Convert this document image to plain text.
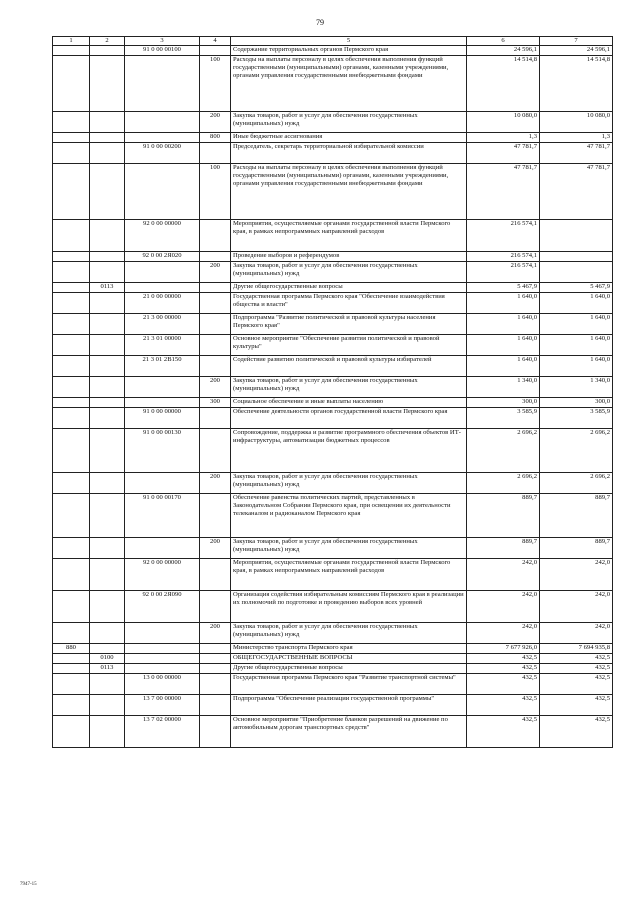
79
1	2	3	4	5	6	7
		91 0 00 00100		Содержание территориальных органов Пермского края	24 596,1	24 596,1
			100	Расходы на выплаты персоналу в целях обеспечения выполнения функций государственными (муниципальными) органами, казенными учреждениями, органами управления государственными внебюджетными фондами	14 514,8	14 514,8
			200	Закупка товаров, работ и услуг для обеспечения государственных (муниципальных) нужд	10 080,0	10 080,0
			800	Иные бюджетные ассигнования	1,3	1,3
		91 0 00 00200		Председатель, секретарь территориальной избирательной комиссии	47 781,7	47 781,7
			100	Расходы на выплаты персоналу в целях обеспечения выполнения функций государственными (муниципальными) органами, казенными учреждениями, органами управления государственными внебюджетными фондами	47 781,7	47 781,7
		92 0 00 00000		Мероприятия, осуществляемые органами государственной власти Пермского края, в рамках непрограммных направлений расходов	216 574,1	
		92 0 00 2Я020		Проведение выборов и референдумов	216 574,1	
			200	Закупка товаров, работ и услуг для обеспечения государственных (муниципальных) нужд	216 574,1	
	0113			Другие общегосударственные вопросы	5 467,9	5 467,9
		21 0 00 00000		Государственная программа Пермского края "Обеспечение взаимодействия общества и власти"	1 640,0	1 640,0
		21 3 00 00000		Подпрограмма "Развитие политической и правовой культуры населения Пермского края"	1 640,0	1 640,0
		21 3 01 00000		Основное мероприятие "Обеспечение развития политической и правовой культуры"	1 640,0	1 640,0
		21 3 01 2В150		Содействие развитию политической и правовой культуры избирателей	1 640,0	1 640,0
			200	Закупка товаров, работ и услуг для обеспечения государственных (муниципальных) нужд	1 340,0	1 340,0
			300	Социальное обеспечение и иные выплаты населению	300,0	300,0
		91 0 00 00000		Обеспечение деятельности органов государственной власти Пермского края	3 585,9	3 585,9
		91 0 00 00130		Сопровождение, поддержка и развитие программного обеспечения объектов ИТ-инфраструктуры, автоматизации бюджетных процессов	2 696,2	2 696,2
			200	Закупка товаров, работ и услуг для обеспечения государственных (муниципальных) нужд	2 696,2	2 696,2
		91 0 00 00170		Обеспечение равенства политических партий, представленных в Законодательном Собрании Пермского края, при освещении их деятельности телеканалом и радиоканалом Пермского края	889,7	889,7
			200	Закупка товаров, работ и услуг для обеспечения государственных (муниципальных) нужд	889,7	889,7
		92 0 00 00000		Мероприятия, осуществляемые органами государственной власти Пермского края, в рамках непрограммных направлений расходов	242,0	242,0
		92 0 00 2Я090		Организация содействия избирательным комиссиям Пермского края в реализации их полномочий по подготовке и проведению выборов всех уровней	242,0	242,0
			200	Закупка товаров, работ и услуг для обеспечения государственных (муниципальных) нужд	242,0	242,0
880				Министерство транспорта Пермского края	7 677 926,0	7 694 935,8
	0100			ОБЩЕГОСУДАРСТВЕННЫЕ ВОПРОСЫ	432,5	432,5
	0113			Другие общегосударственные вопросы	432,5	432,5
		13 0 00 00000		Государственная программа Пермского края "Развитие транспортной системы"	432,5	432,5
		13 7 00 00000		Подпрограмма "Обеспечение реализации государственной программы"	432,5	432,5
		13 7 02 00000		Основное мероприятие "Приобретение бланков разрешений на движение по автомобильным дорогам транспортных средств"	432,5	432,5
7947-15
